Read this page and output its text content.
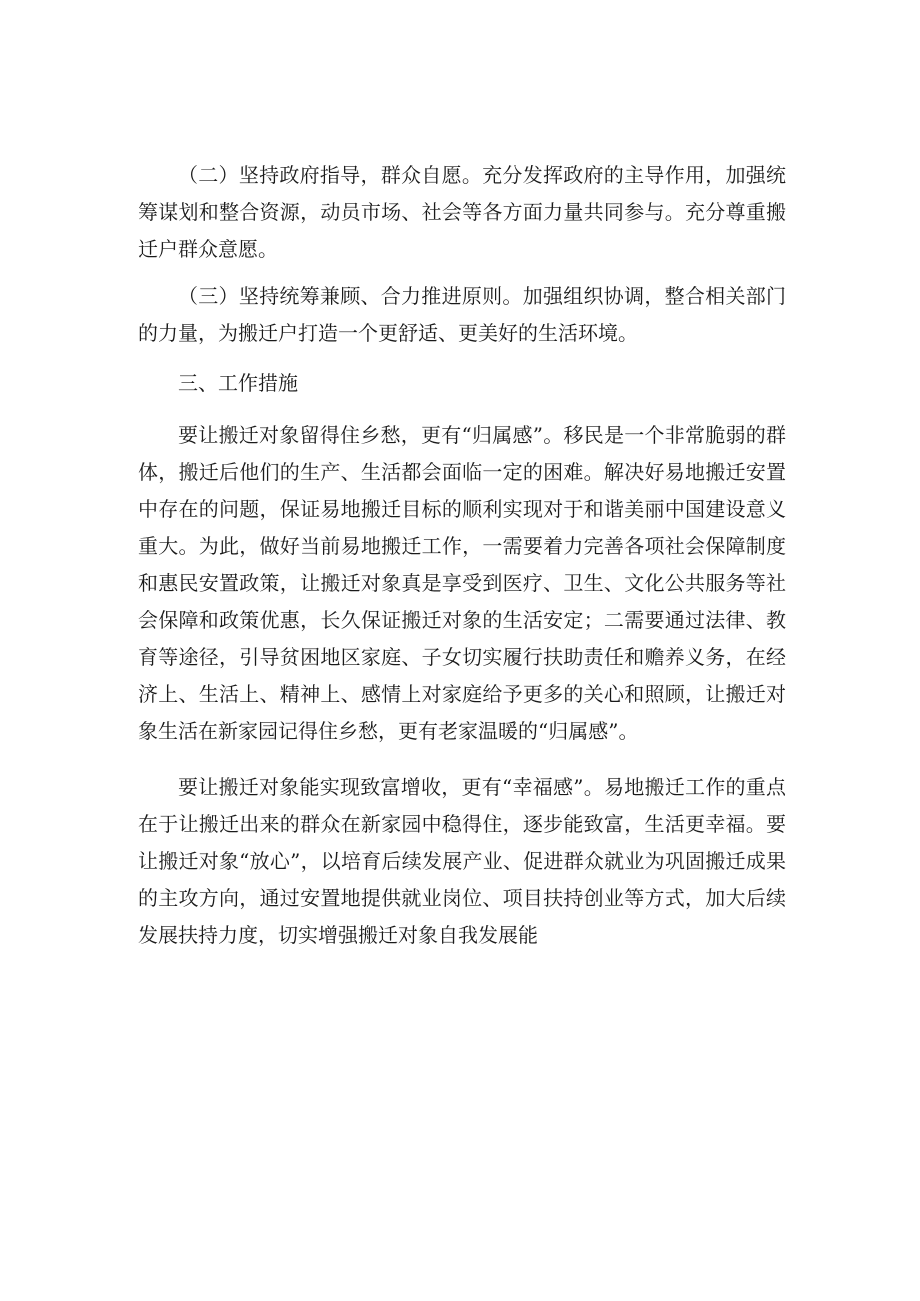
（二）坚持政府指导，群众自愿。充分发挥政府的主导作用，加强统筹谋划和整合资源，动员市场、社会等各方面力量共同参与。充分尊重搬迁户群众意愿。

（三）坚持统筹兼顾、合力推进原则。加强组织协调，整合相关部门的力量，为搬迁户打造一个更舒适、更美好的生活环境。

三、工作措施

要让搬迁对象留得住乡愁，更有“归属感”。移民是一个非常脆弱的群体，搬迁后他们的生产、生活都会面临一定的困难。解决好易地搬迁安置中存在的问题，保证易地搬迁目标的顺利实现对于和谐美丽中国建设意义重大。为此，做好当前易地搬迁工作，一需要着力完善各项社会保障制度和惠民安置政策，让搬迁对象真是享受到医疗、卫生、文化公共服务等社会保障和政策优惠，长久保证搬迁对象的生活安定；二需要通过法律、教育等途径，引导贫困地区家庭、子女切实履行扶助责任和赡养义务，在经济上、生活上、精神上、感情上对家庭给予更多的关心和照顾，让搬迁对象生活在新家园记得住乡愁，更有老家温暖的“归属感”。

要让搬迁对象能实现致富增收，更有“幸福感”。易地搬迁工作的重点在于让搬迁出来的群众在新家园中稳得住，逐步能致富，生活更幸福。要让搬迁对象“放心”，以培育后续发展产业、促进群众就业为巩固搬迁成果的主攻方向，通过安置地提供就业岗位、项目扶持创业等方式，加大后续发展扶持力度，切实增强搬迁对象自我发展能
